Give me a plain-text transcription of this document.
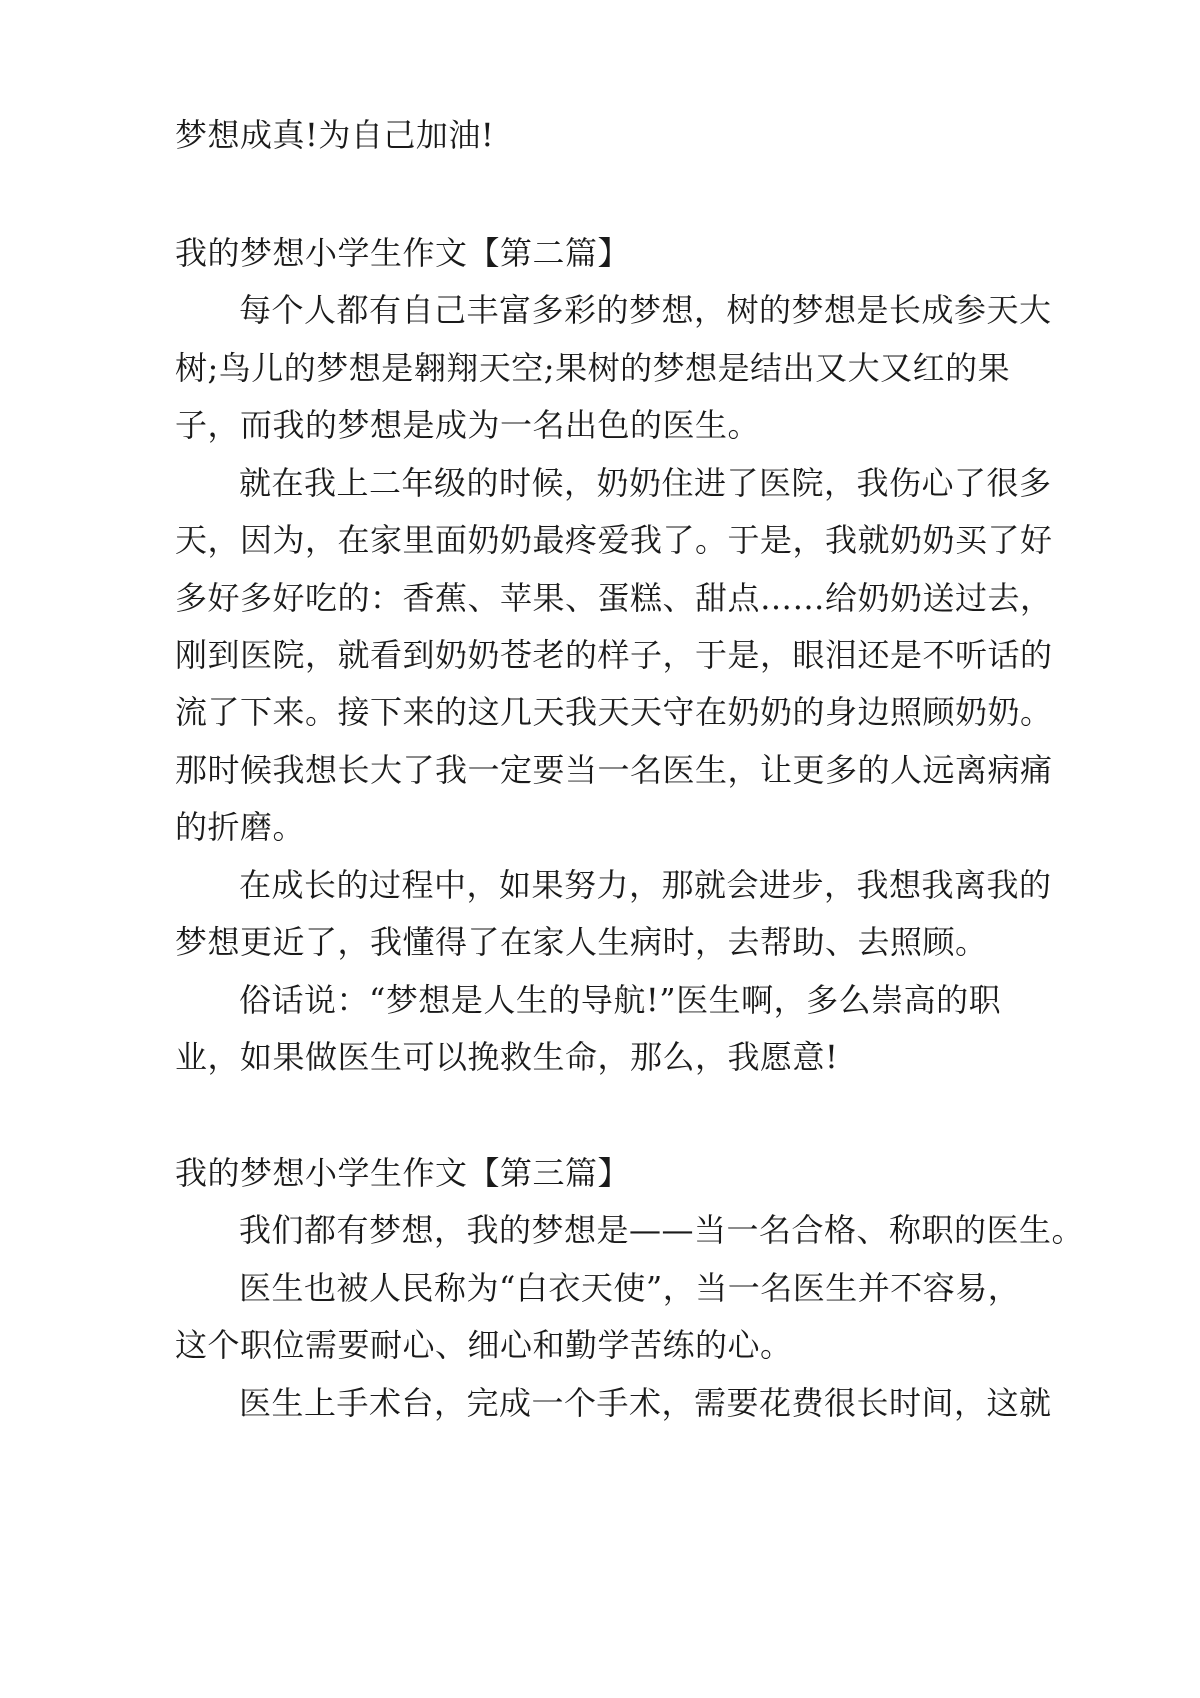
梦想成真!为自己加油!
我的梦想小学生作文【第二篇】
每个人都有自己丰富多彩的梦想，树的梦想是长成参天大
树;鸟儿的梦想是翱翔天空;果树的梦想是结出又大又红的果
子，而我的梦想是成为一名出色的医生。
就在我上二年级的时候，奶奶住进了医院，我伤心了很多
天，因为，在家里面奶奶最疼爱我了。于是，我就奶奶买了好
多好多好吃的：香蕉、苹果、蛋糕、甜点……给奶奶送过去，
刚到医院，就看到奶奶苍老的样子，于是，眼泪还是不听话的
流了下来。接下来的这几天我天天守在奶奶的身边照顾奶奶。
那时候我想长大了我一定要当一名医生，让更多的人远离病痛
的折磨。
在成长的过程中，如果努力，那就会进步，我想我离我的
梦想更近了，我懂得了在家人生病时，去帮助、去照顾。
俗话说：“梦想是人生的导航!”医生啊，多么崇高的职
业，如果做医生可以挽救生命，那么，我愿意!
我的梦想小学生作文【第三篇】
我们都有梦想，我的梦想是——当一名合格、称职的医生。
医生也被人民称为“白衣天使”，当一名医生并不容易，
这个职位需要耐心、细心和勤学苦练的心。
医生上手术台，完成一个手术，需要花费很长时间，这就
